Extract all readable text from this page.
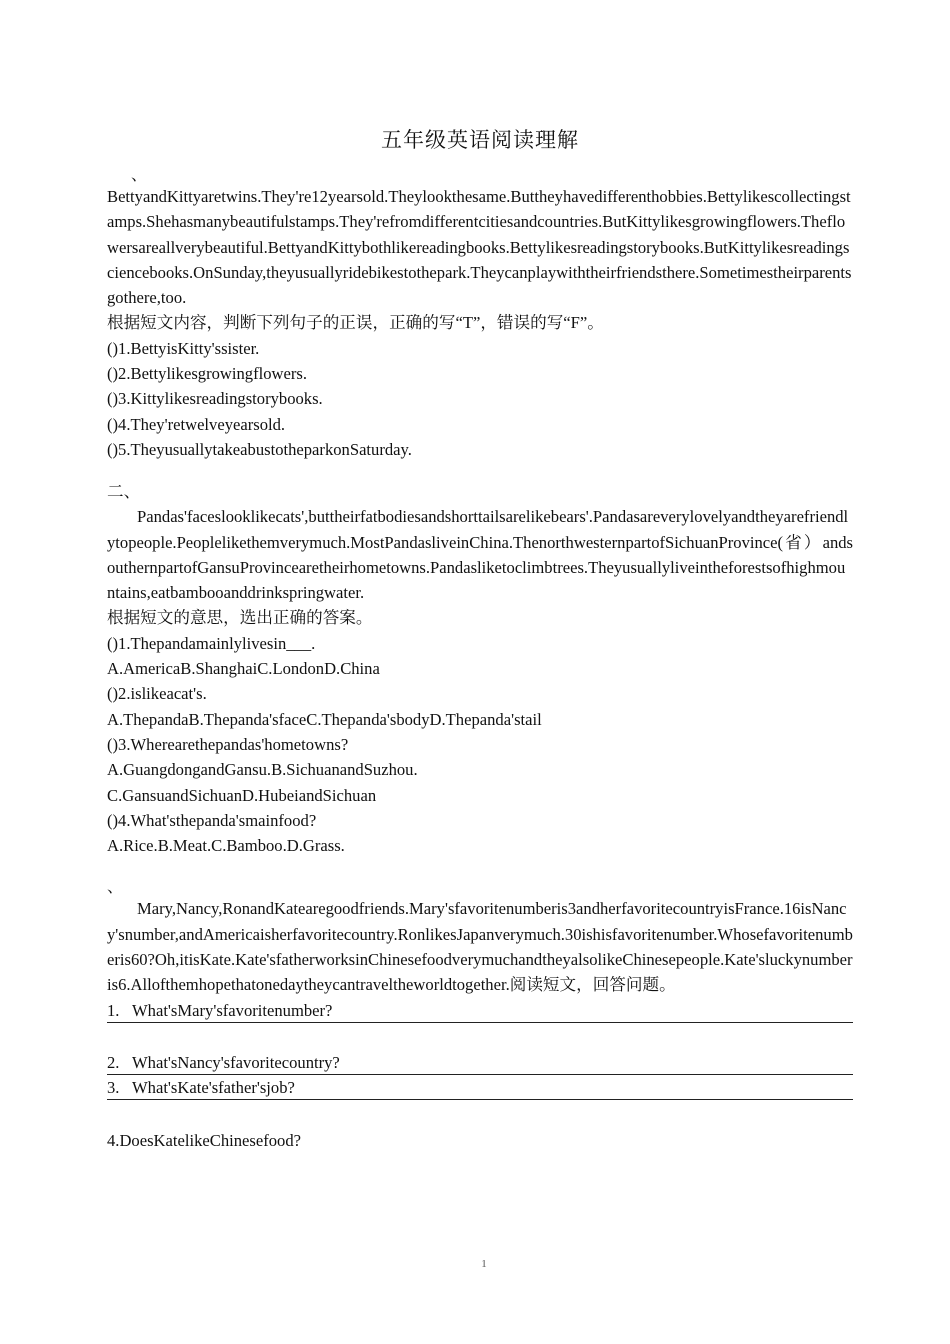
五年级英语阅读理解
、
BettyandKittyaretwins.They're12yearsold.Theylookthesame.Buttheyhavedifferenthobbies.Bettylikescollectingstamps.Shehasmanybeautifulstamps.They'refromdifferentcitiesandcountries.ButKittylikesgrowingflowers.Theflowersareallverybeautiful.BettyandKittybothlikereadingbooks.Bettylikesreadingstorybooks.ButKittylikesreadingsciencebooks.OnSunday,theyusuallyridebikestothepark.Theycanplaywiththeirfriendsthere.Sometimestheirparentsgothere,too.
根据短文内容，判断下列句子的正误，正确的写“T”，错误的写“F”。
()1.BettyisKitty'ssister.
()2.Bettylikesgrowingflowers.
()3.Kittylikesreadingstorybooks.
()4.They'retwelveyearsold.
()5.TheyusuallytakeabustotheparkonSaturday.
二、
Pandas'faceslooklikecats',buttheirfatbodiesandshorttailsarelikebears'.Pandasareverylovelyandtheyarefriendlytopeople.Peoplelikethemverymuch.MostPandasliveinChina.ThenorthwesternpartofSichuanProvince(省）andsouthernpartofGansuProvincearetheirhometowns.Pandasliketoclimbtrees.Theyusuallyliveintheforestsofhighmountains,eatbambooanddrinkspringwater.
根据短文的意思，选出正确的答案。
()1.Thepandamainlylivesin___.
A.AmericaB.ShanghaiC.LondonD.China
()2.islikeacat's.
A.ThepandaB.Thepanda'sfaceC.Thepanda'sbodyD.Thepanda'stail
()3.Wherearethepandas'hometowns?
A.GuangdongandGansu.B.SichuanandSuzhou.
C.GansuandSichuanD.HubeiandSichuan
()4.What'sthepanda'smainfood?
A.Rice.B.Meat.C.Bamboo.D.Grass.
、
Mary,Nancy,RonandKatearegoodfriends.Mary'sfavoritenumberis3andherfavoritecountryisFrance.16isNancy'snumber,andAmericaisherfavoritecountry.RonlikesJapanverymuch.30ishisfavoritenumber.Whosefavoritenumberis60?Oh,itisKate.Kate'sfatherworksinChinesefoodverymuchandtheyalsolikeChinesepeople.Kate'sluckynumberis6.Allofthemhopethatonedaytheycantraveltheworldtogether.阅读短文，回答问题。
1. What'sMary'sfavoritenumber?
2. What'sNancy'sfavoritecountry?
3. What'sKate'sfather'sjob?
4.DoesKatelikeChinesefood?
1
